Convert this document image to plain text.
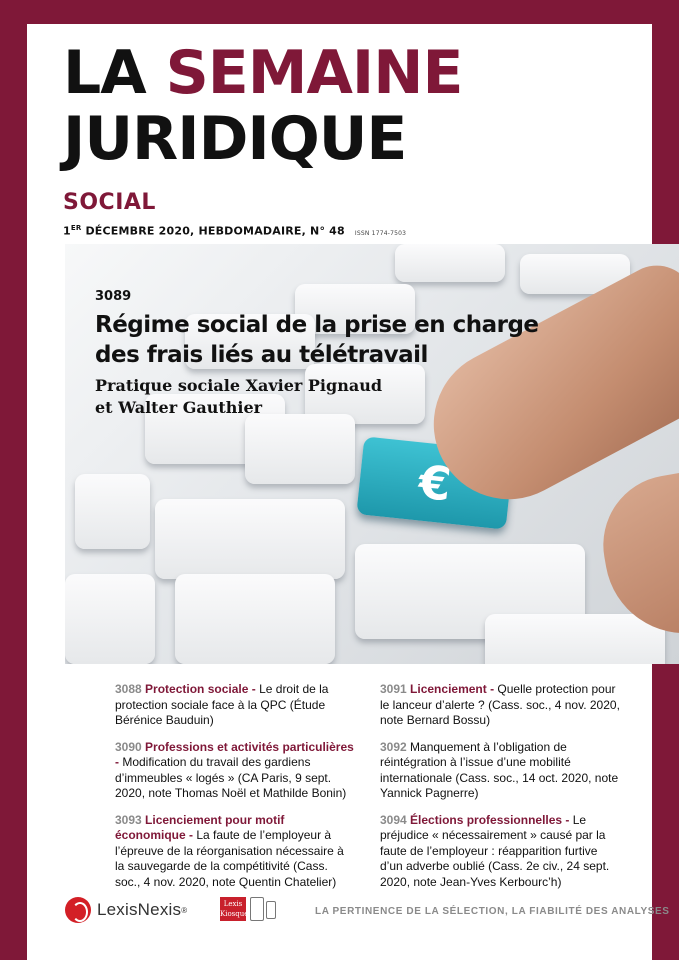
LA SEMAINE
JURIDIQUE
SOCIAL
1ER DÉCEMBRE 2020, HEBDOMADAIRE, N° 48 ISSN 1774-7503
€
3089
Régime social de la prise en charge des frais liés au télétravail
Pratique sociale Xavier Pignaud et Walter Gauthier
3088 Protection sociale - Le droit de la protection sociale face à la QPC (Étude Bérénice Bauduin)
3090 Professions et activités particulières - Modification du travail des gardiens d’immeubles « logés » (CA Paris, 9 sept. 2020, note Thomas Noël et Mathilde Bonin)
3093 Licenciement pour motif économique - La faute de l’employeur à l’épreuve de la réorganisation nécessaire à la sauvegarde de la compétitivité (Cass. soc., 4 nov. 2020, note Quentin Chatelier)
3091 Licenciement - Quelle protection pour le lanceur d’alerte ? (Cass. soc., 4 nov. 2020, note Bernard Bossu)
3092 Manquement à l’obligation de réintégration à l’issue d’une mobilité internationale (Cass. soc., 14 oct. 2020, note Yannick Pagnerre)
3094 Élections professionnelles - Le préjudice « nécessairement » causé par la faute de l’employeur : réapparition furtive d’un adverbe oublié (Cass. 2e civ., 24 sept. 2020, note Jean-Yves Kerbourc’h)
LexisNexis ®
Lexis
Kiosque	LA PERTINENCE DE LA SÉLECTION, LA FIABILITÉ DES ANALYSES
